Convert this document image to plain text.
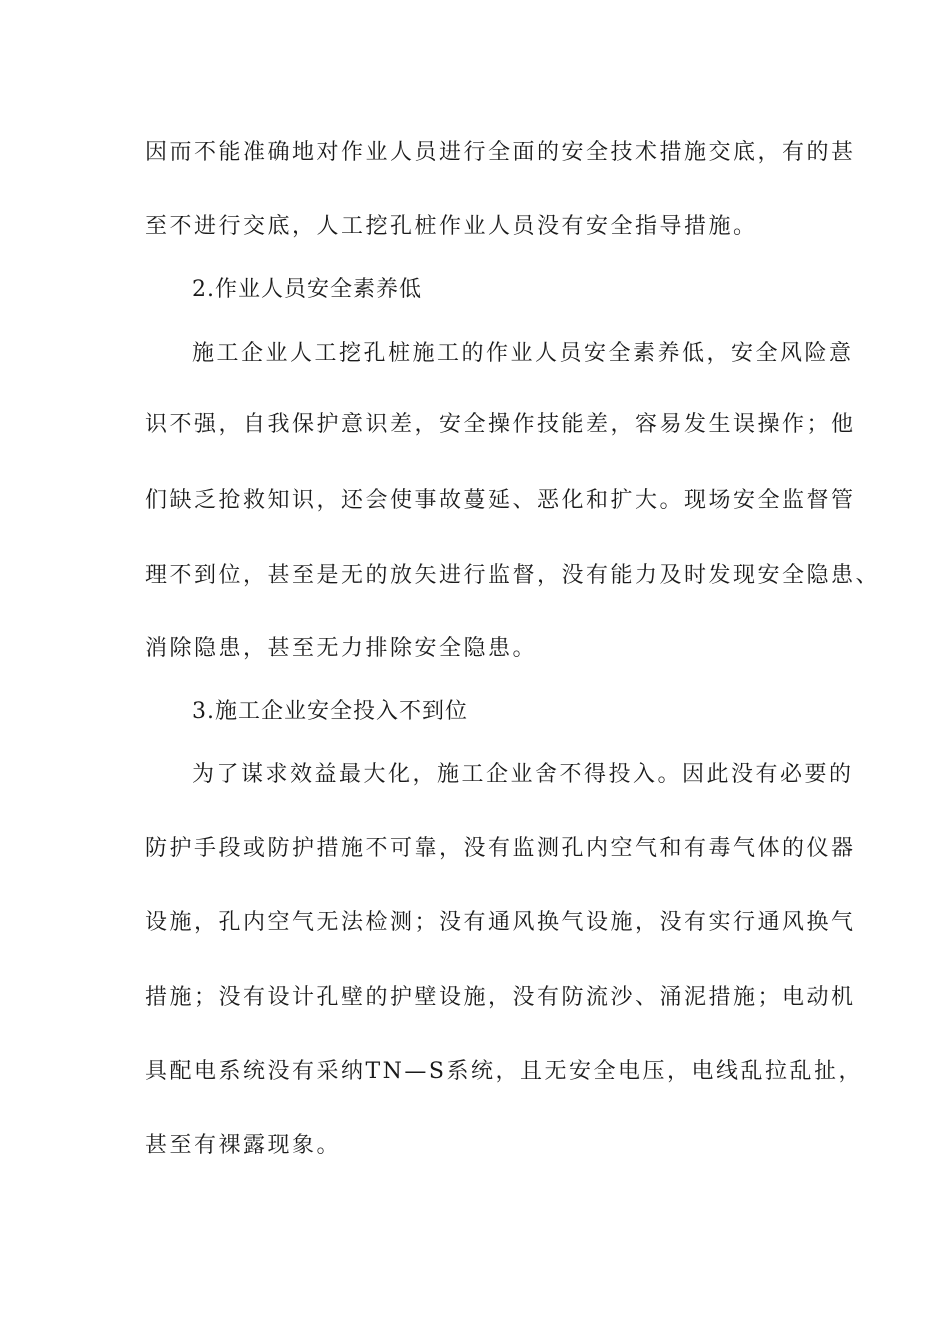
因而不能准确地对作业人员进行全面的安全技术措施交底，有的甚
至不进行交底，人工挖孔桩作业人员没有安全指导措施。
2.作业人员安全素养低
施工企业人工挖孔桩施工的作业人员安全素养低，安全风险意
识不强，自我保护意识差，安全操作技能差，容易发生误操作；他
们缺乏抢救知识，还会使事故蔓延、恶化和扩大。现场安全监督管
理不到位，甚至是无的放矢进行监督，没有能力及时发现安全隐患、
消除隐患，甚至无力排除安全隐患。
3.施工企业安全投入不到位
为了谋求效益最大化，施工企业舍不得投入。因此没有必要的
防护手段或防护措施不可靠，没有监测孔内空气和有毒气体的仪器
设施，孔内空气无法检测；没有通风换气设施，没有实行通风换气
措施；没有设计孔壁的护壁设施，没有防流沙、涌泥措施；电动机
具配电系统没有采纳TN—S系统，且无安全电压，电线乱拉乱扯，
甚至有裸露现象。
